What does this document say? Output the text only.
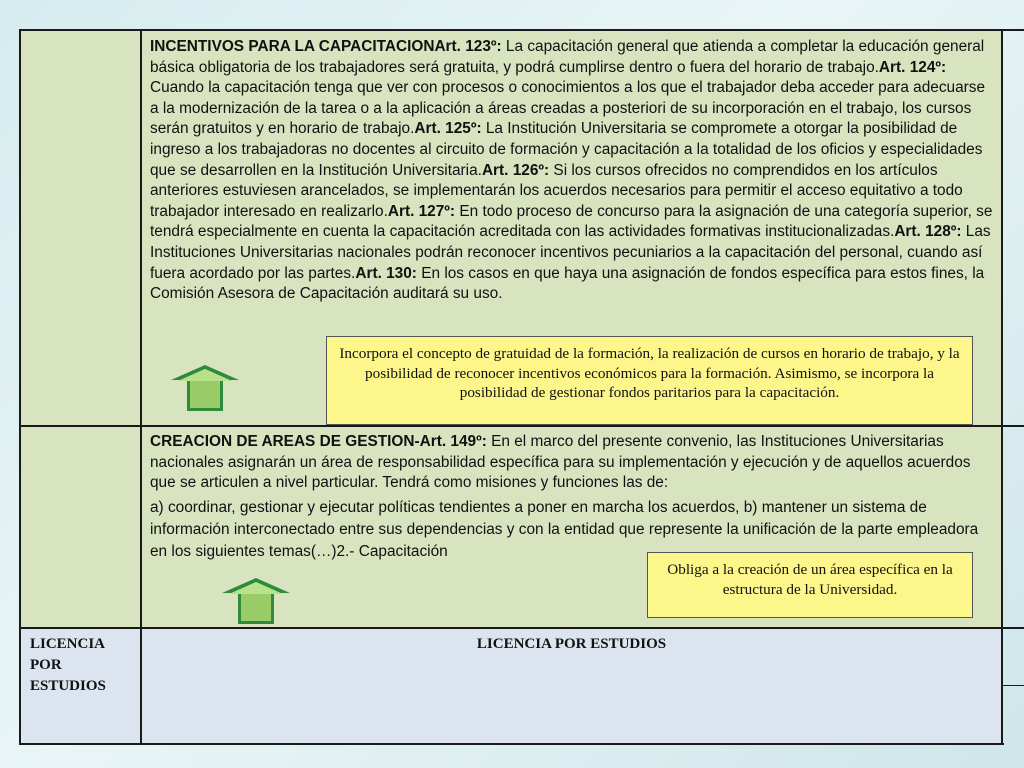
INCENTIVOS PARA LA CAPACITACIONArt. 123º: La capacitación general que atienda a completar la educación general básica obligatoria de los trabajadores será gratuita, y podrá cumplirse dentro o fuera del horario de trabajo.Art. 124º: Cuando la capacitación tenga que ver con procesos o conocimientos a los que el trabajador deba acceder para adecuarse a la modernización de la tarea o a la aplicación a áreas creadas a posteriori de su incorporación en el trabajo, los cursos serán gratuitos y en horario de trabajo.Art. 125º: La Institución Universitaria se compromete a otorgar la posibilidad de ingreso a los trabajadoras no docentes al circuito de formación y capacitación a la totalidad de los oficios y especialidades que se desarrollen en la Institución Universitaria.Art. 126º: Si los cursos ofrecidos no comprendidos en los artículos anteriores estuviesen arancelados, se implementarán los acuerdos necesarios para permitir el acceso equitativo a todo trabajador interesado en realizarlo.Art. 127º: En todo proceso de concurso para la asignación de una categoría superior, se tendrá especialmente en cuenta la capacitación acreditada con las actividades formativas institucionalizadas.Art. 128º: Las Instituciones Universitarias nacionales podrán reconocer incentivos pecuniarios a la capacitación del personal, cuando así fuera acordado por las partes.Art. 130: En los casos en que haya una asignación de fondos específica para estos fines, la Comisión Asesora de Capacitación auditará su uso.
Incorpora el concepto de gratuidad de la formación, la realización de cursos en horario de trabajo, y la posibilidad de reconocer incentivos económicos para la formación. Asimismo, se incorpora la posibilidad de gestionar fondos paritarios para la capacitación.
CREACION DE AREAS DE GESTION-Art. 149º: En el marco del presente convenio, las Instituciones Universitarias nacionales asignarán un área de responsabilidad específica para su implementación y ejecución y de aquellos acuerdos que se articulen a nivel particular. Tendrá como misiones y funciones las de:
a) coordinar, gestionar y ejecutar políticas tendientes a poner en marcha los acuerdos, b) mantener un sistema de información interconectado entre sus dependencias y con la entidad que represente la unificación de la parte empleadora en los siguientes temas(…)2.- Capacitación
Obliga a la creación de un área específica en la estructura de la Universidad.
LICENCIA POR ESTUDIOS
LICENCIA POR ESTUDIOS
